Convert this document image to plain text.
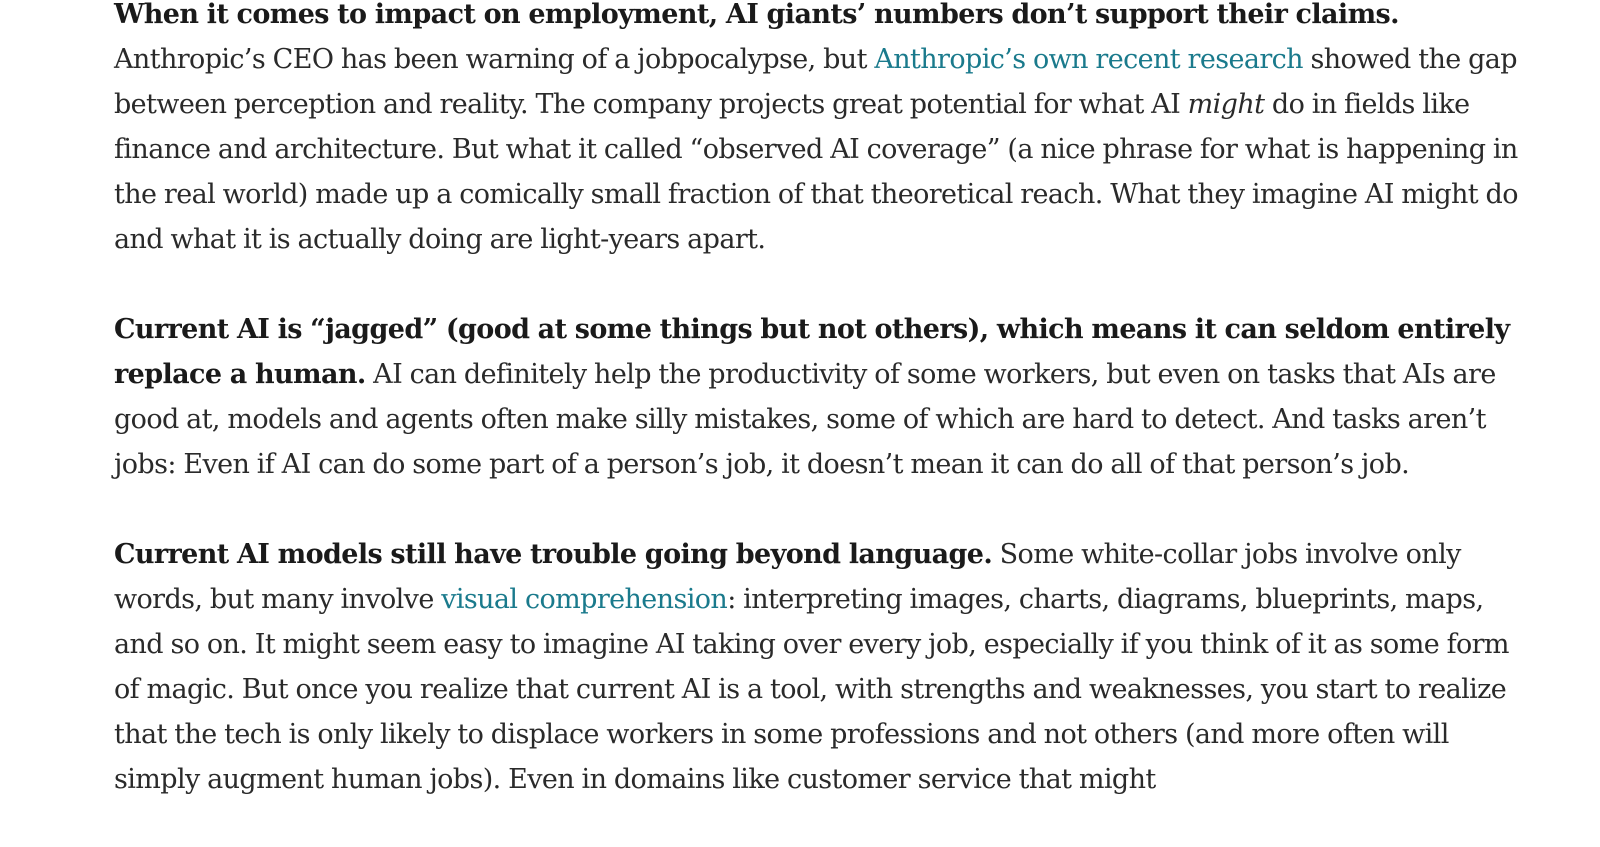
When it comes to impact on employment, AI giants’ numbers don’t support their claims. Anthropic’s CEO has been warning of a jobpocalypse, but Anthropic’s own recent research showed the gap between perception and reality. The company projects great potential for what AI might do in fields like finance and architecture. But what it called “observed AI coverage” (a nice phrase for what is happening in the real world) made up a comically small fraction of that theoretical reach. What they imagine AI might do and what it is actually doing are light-years apart.

Current AI is “jagged” (good at some things but not others), which means it can seldom entirely replace a human. AI can definitely help the productivity of some workers, but even on tasks that AIs are good at, models and agents often make silly mistakes, some of which are hard to detect. And tasks aren’t jobs: Even if AI can do some part of a person’s job, it doesn’t mean it can do all of that person’s job.

Current AI models still have trouble going beyond language. Some white-collar jobs involve only words, but many involve visual comprehension: interpreting images, charts, diagrams, blueprints, maps, and so on. It might seem easy to imagine AI taking over every job, especially if you think of it as some form of magic. But once you realize that current AI is a tool, with strengths and weaknesses, you start to realize that the tech is only likely to displace workers in some professions and not others (and more often will simply augment human jobs). Even in domains like customer service that might
